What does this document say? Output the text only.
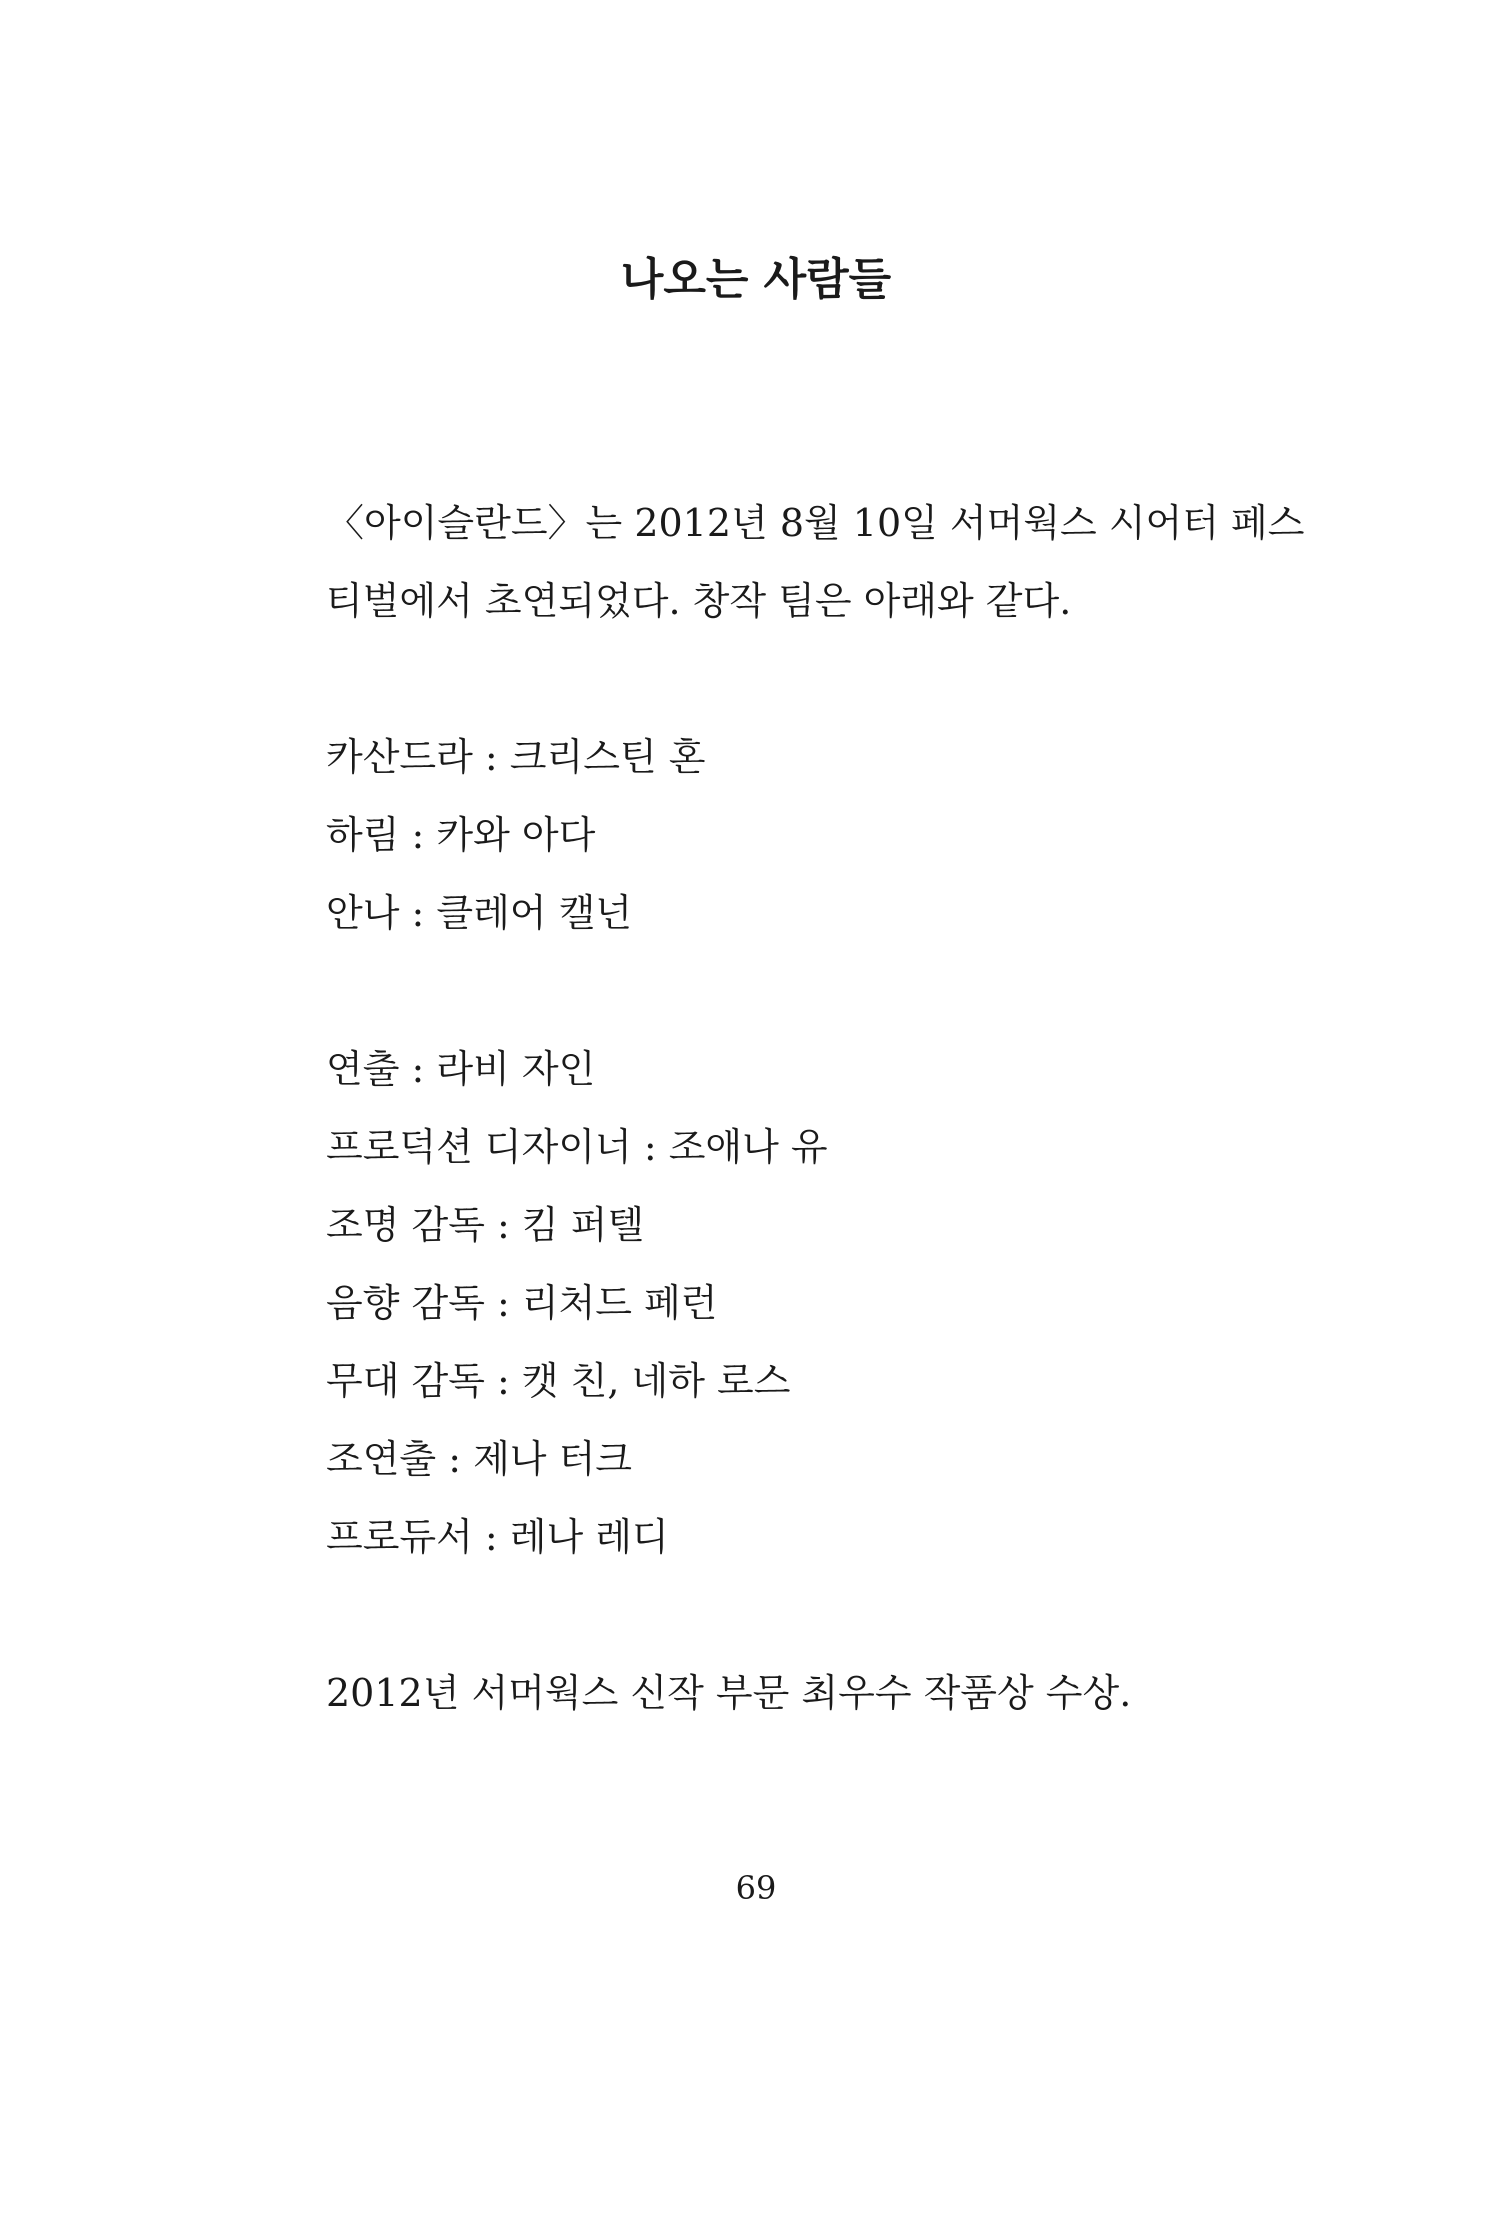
나오는 사람들

〈아이슬란드〉는 2012년 8월 10일 서머웍스 시어터 페스

티벌에서 초연되었다. 창작 팀은 아래와 같다.

카산드라 : 크리스틴 혼

하림 : 카와 아다

안나 : 클레어 캘넌

연출 : 라비 자인

프로덕션 디자이너 : 조애나 유

조명 감독 : 킴 퍼텔

음향 감독 : 리처드 페런

무대 감독 : 캣 친, 네하 로스

조연출 : 제나 터크

프로듀서 : 레나 레디

2012년 서머웍스 신작 부문 최우수 작품상 수상.

69
